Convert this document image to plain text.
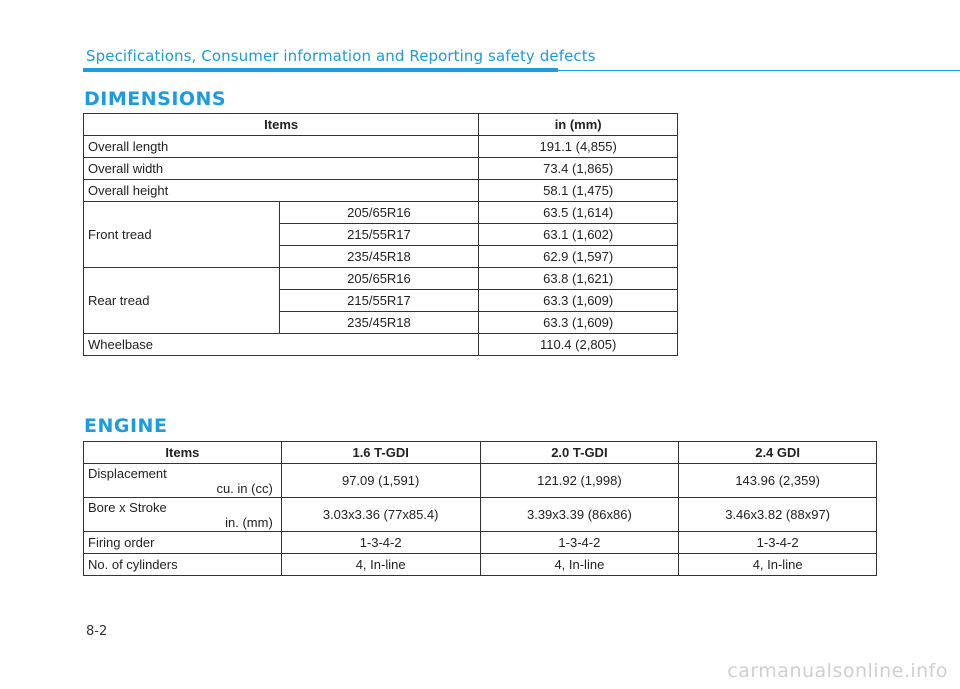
Specifications, Consumer information and Reporting safety defects
DIMENSIONS
Items		in (mm)
Overall length		191.1 (4,855)
Overall width		73.4 (1,865)
Overall height		58.1 (1,475)
Front tread	205/65R16	63.5 (1,614)
	215/55R17	63.1 (1,602)
	235/45R18	62.9 (1,597)
Rear tread	205/65R16	63.8 (1,621)
	215/55R17	63.3 (1,609)
	235/45R18	63.3 (1,609)
Wheelbase		110.4 (2,805)
ENGINE
Items	1.6 T-GDI	2.0 T-GDI	2.4 GDI
Displacement
cu. in (cc)	97.09 (1,591)	121.92 (1,998)	143.96 (2,359)
Bore x Stroke
in. (mm)	3.03x3.36 (77x85.4)	3.39x3.39 (86x86)	3.46x3.82 (88x97)
Firing order	1-3-4-2	1-3-4-2	1-3-4-2
No. of cylinders	4, In-line	4, In-line	4, In-line
8-2
carmanualsonline.info
